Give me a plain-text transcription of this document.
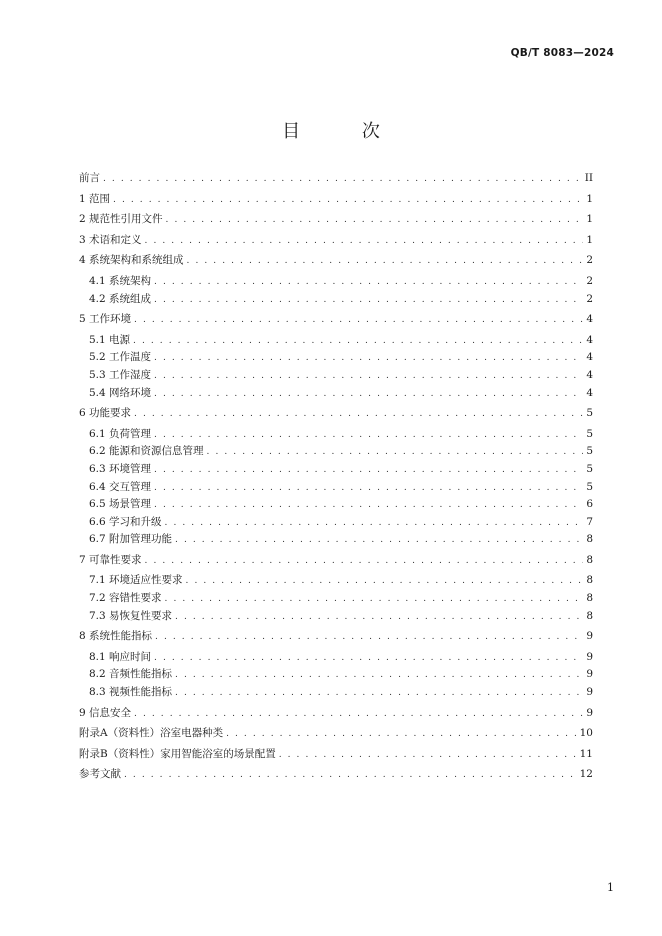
QB/T 8083—2024
目 次
前言 . . .	II
1 范围 . . .	1
2 规范性引用文件 . . .	1
3 术语和定义 . . .	1
4 系统架构和系统组成 . . .	2
4.1 系统架构 . . .	2
4.2 系统组成 . . .	2
5 工作环境 . . .	4
5.1 电源 . . .	4
5.2 工作温度 . . .	4
5.3 工作湿度 . . .	4
5.4 网络环境 . . .	4
6 功能要求 . . .	5
6.1 负荷管理 . . .	5
6.2 能源和资源信息管理 . . .	5
6.3 环境管理 . . .	5
6.4 交互管理 . . .	5
6.5 场景管理 . . .	6
6.6 学习和升级 . . .	7
6.7 附加管理功能 . . .	8
7 可靠性要求 . . .	8
7.1 环境适应性要求 . . .	8
7.2 容错性要求 . . .	8
7.3 易恢复性要求 . . .	8
8 系统性能指标 . . .	9
8.1 响应时间 . . .	9
8.2 音频性能指标 . . .	9
8.3 视频性能指标 . . .	9
9 信息安全 . . .	9
附录A（资料性）浴室电器种类 . . .	10
附录B（资料性）家用智能浴室的场景配置 . . .	11
参考文献 . . .	12
1
